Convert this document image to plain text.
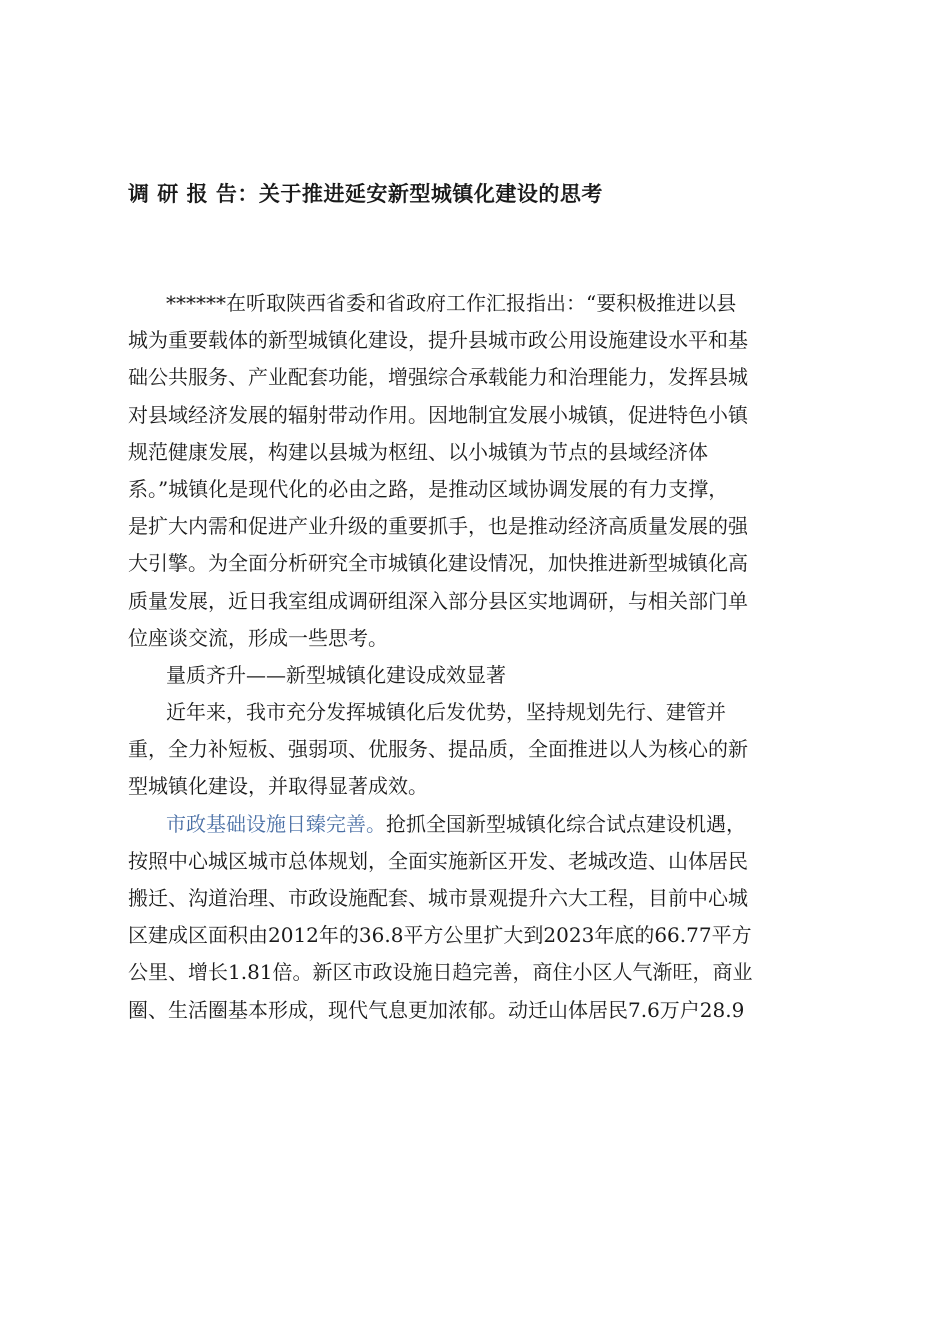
调 研 报 告：关于推进延安新型城镇化建设的思考
******在听取陕西省委和省政府工作汇报指出：“要积极推进以县
城为重要载体的新型城镇化建设，提升县城市政公用设施建设水平和基
础公共服务、产业配套功能，增强综合承载能力和治理能力，发挥县城
对县域经济发展的辐射带动作用。因地制宜发展小城镇，促进特色小镇
规范健康发展，构建以县城为枢纽、以小城镇为节点的县域经济体
系。”城镇化是现代化的必由之路，是推动区域协调发展的有力支撑，
是扩大内需和促进产业升级的重要抓手，也是推动经济高质量发展的强
大引擎。为全面分析研究全市城镇化建设情况，加快推进新型城镇化高
质量发展，近日我室组成调研组深入部分县区实地调研，与相关部门单
位座谈交流，形成一些思考。
量质齐升——新型城镇化建设成效显著
近年来，我市充分发挥城镇化后发优势，坚持规划先行、建管并
重，全力补短板、强弱项、优服务、提品质，全面推进以人为核心的新
型城镇化建设，并取得显著成效。
市政基础设施日臻完善。抢抓全国新型城镇化综合试点建设机遇，
按照中心城区城市总体规划，全面实施新区开发、老城改造、山体居民
搬迁、沟道治理、市政设施配套、城市景观提升六大工程，目前中心城
区建成区面积由2012年的36.8平方公里扩大到2023年底的66.77平方
公里、增长1.81倍。新区市政设施日趋完善，商住小区人气渐旺，商业
圈、生活圈基本形成，现代气息更加浓郁。动迁山体居民7.6万户28.9
